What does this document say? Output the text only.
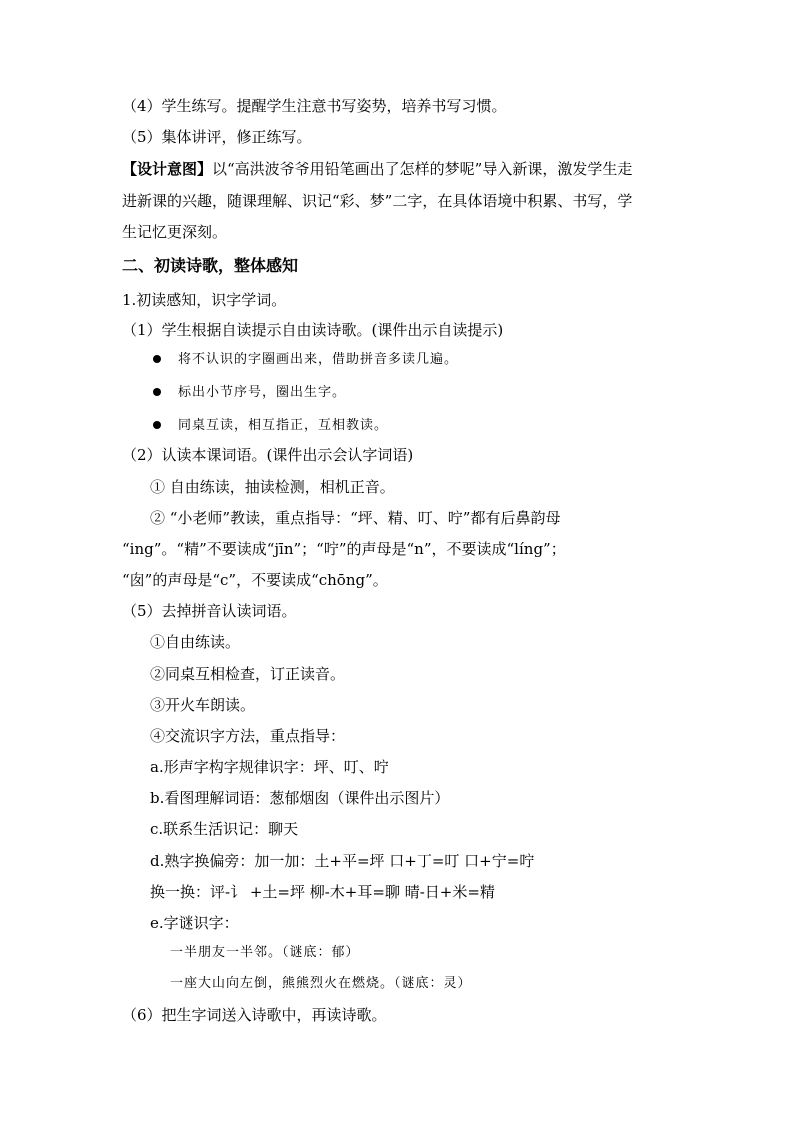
（4）学生练写。提醒学生注意书写姿势，培养书写习惯。
（5）集体讲评，修正练写。
【设计意图】以“高洪波爷爷用铅笔画出了怎样的梦呢”导入新课，激发学生走
进新课的兴趣，随课理解、识记“彩、梦”二字，在具体语境中积累、书写，学
生记忆更深刻。
二、初读诗歌，整体感知
1.初读感知，识字学词。
（1）学生根据自读提示自由读诗歌。(课件出示自读提示)
将不认识的字圈画出来，借助拼音多读几遍。
标出小节序号，圈出生字。
同桌互读，相互指正，互相教读。
（2）认读本课词语。(课件出示会认字词语)
① 自由练读，抽读检测，相机正音。
② “小老师”教读，重点指导：“坪、精、叮、咛”都有后鼻韵母
“ing”。“精”不要读成“jīn”；“咛”的声母是“n”，不要读成“líng”；
“囱”的声母是“c”，不要读成“chōng”。
（5）去掉拼音认读词语。
①自由练读。
②同桌互相检查，订正读音。
③开火车朗读。
④交流识字方法，重点指导：
a.形声字构字规律识字：坪、叮、咛
b.看图理解词语：葱郁烟囱（课件出示图片）
c.联系生活识记：聊天
d.熟字换偏旁：加一加：土+平=坪 口+丁=叮 口+宁=咛
换一换：评-讠 +土=坪 柳-木+耳=聊 晴-日+米=精
e.字谜识字：
一半朋友一半邻。（谜底：郁）
一座大山向左倒，熊熊烈火在燃烧。（谜底：灵）
（6）把生字词送入诗歌中，再读诗歌。
